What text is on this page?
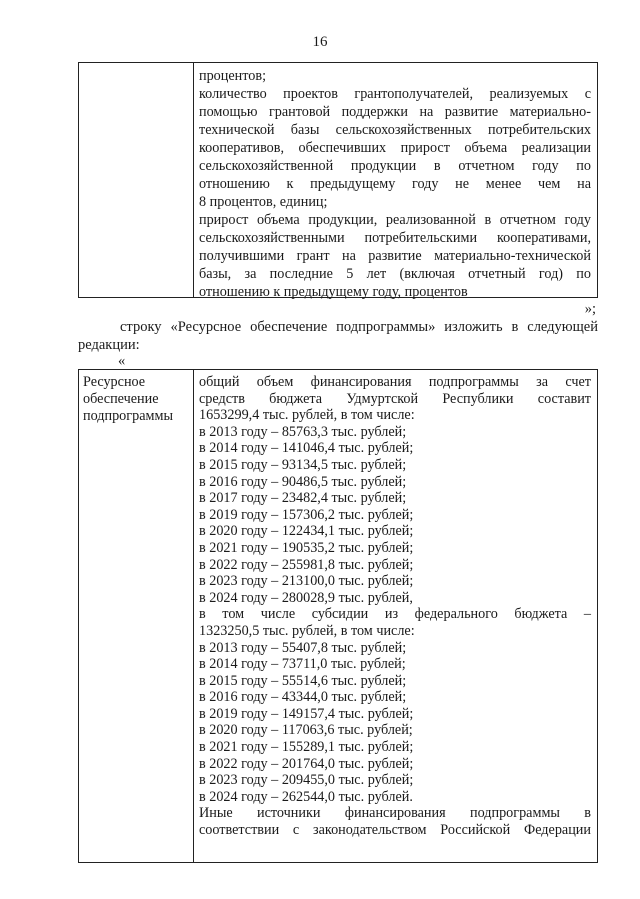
16
процентов;
количество проектов грантополучателей, реализуемых с
помощью грантовой поддержки на развитие материально-
технической базы сельскохозяйственных потребительских
кооперативов, обеспечивших прирост объема реализации
сельскохозяйственной продукции в отчетном году по
отношению к предыдущему году не менее чем на
8 процентов, единиц;
прирост объема продукции, реализованной в отчетном году
сельскохозяйственными потребительскими кооперативами,
получившими грант на развитие материально-технической
базы, за последние 5 лет (включая отчетный год) по
отношению к предыдущему году, процентов
»;
строку «Ресурсное обеспечение подпрограммы» изложить в следующей
редакции:
«
Ресурсное
обеспечение
подпрограммы
общий объем финансирования подпрограммы за счет
средств бюджета Удмуртской Республики составит
1653299,4 тыс. рублей, в том числе:
в 2013 году – 85763,3 тыс. рублей;
в 2014 году – 141046,4 тыс. рублей;
в 2015 году – 93134,5 тыс. рублей;
в 2016 году – 90486,5 тыс. рублей;
в 2017 году – 23482,4 тыс. рублей;
в 2019 году – 157306,2 тыс. рублей;
в 2020 году – 122434,1 тыс. рублей;
в 2021 году – 190535,2 тыс. рублей;
в 2022 году – 255981,8 тыс. рублей;
в 2023 году – 213100,0 тыс. рублей;
в 2024 году – 280028,9 тыс. рублей,
в том числе субсидии из федерального бюджета –
1323250,5 тыс. рублей, в том числе:
в 2013 году – 55407,8 тыс. рублей;
в 2014 году – 73711,0 тыс. рублей;
в 2015 году – 55514,6 тыс. рублей;
в 2016 году – 43344,0 тыс. рублей;
в 2019 году – 149157,4 тыс. рублей;
в 2020 году – 117063,6 тыс. рублей;
в 2021 году – 155289,1 тыс. рублей;
в 2022 году – 201764,0 тыс. рублей;
в 2023 году – 209455,0 тыс. рублей;
в 2024 году – 262544,0 тыс. рублей.
Иные источники финансирования подпрограммы в
соответствии с законодательством Российской Федерации
